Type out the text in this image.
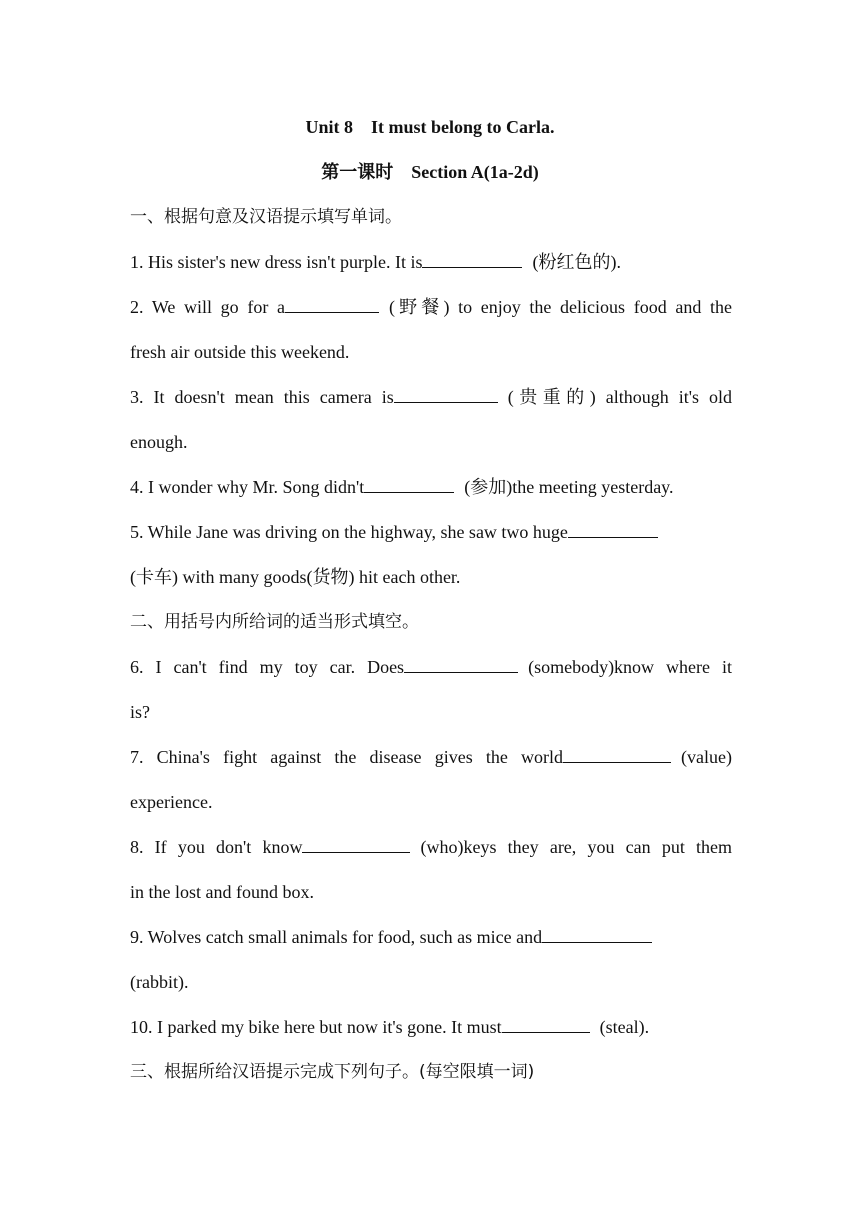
Unit 8 It must belong to Carla.
第一课时 Section A(1a-2d)
一、根据句意及汉语提示填写单词。
1. His sister's new dress isn't purple. It is	(粉红色的).
2. We will go for a	(野餐) to enjoy the delicious food and the
fresh air outside this weekend.
3. It doesn't mean this camera is	(贵重的) although it's old
enough.
4. I wonder why Mr. Song didn't	(参加)the meeting yesterday.
5. While Jane was driving on the highway, she saw two huge
(卡车) with many goods(货物) hit each other.
二、用括号内所给词的适当形式填空。
6. I can't find my toy car. Does	(somebody)know where it
is?
7. China's fight against the disease gives the world	(value)
experience.
8. If you don't know	(who)keys they are, you can put them
in the lost and found box.
9. Wolves catch small animals for food, such as mice and
(rabbit).
10. I parked my bike here but now it's gone. It must	(steal).
三、根据所给汉语提示完成下列句子。(每空限填一词)
